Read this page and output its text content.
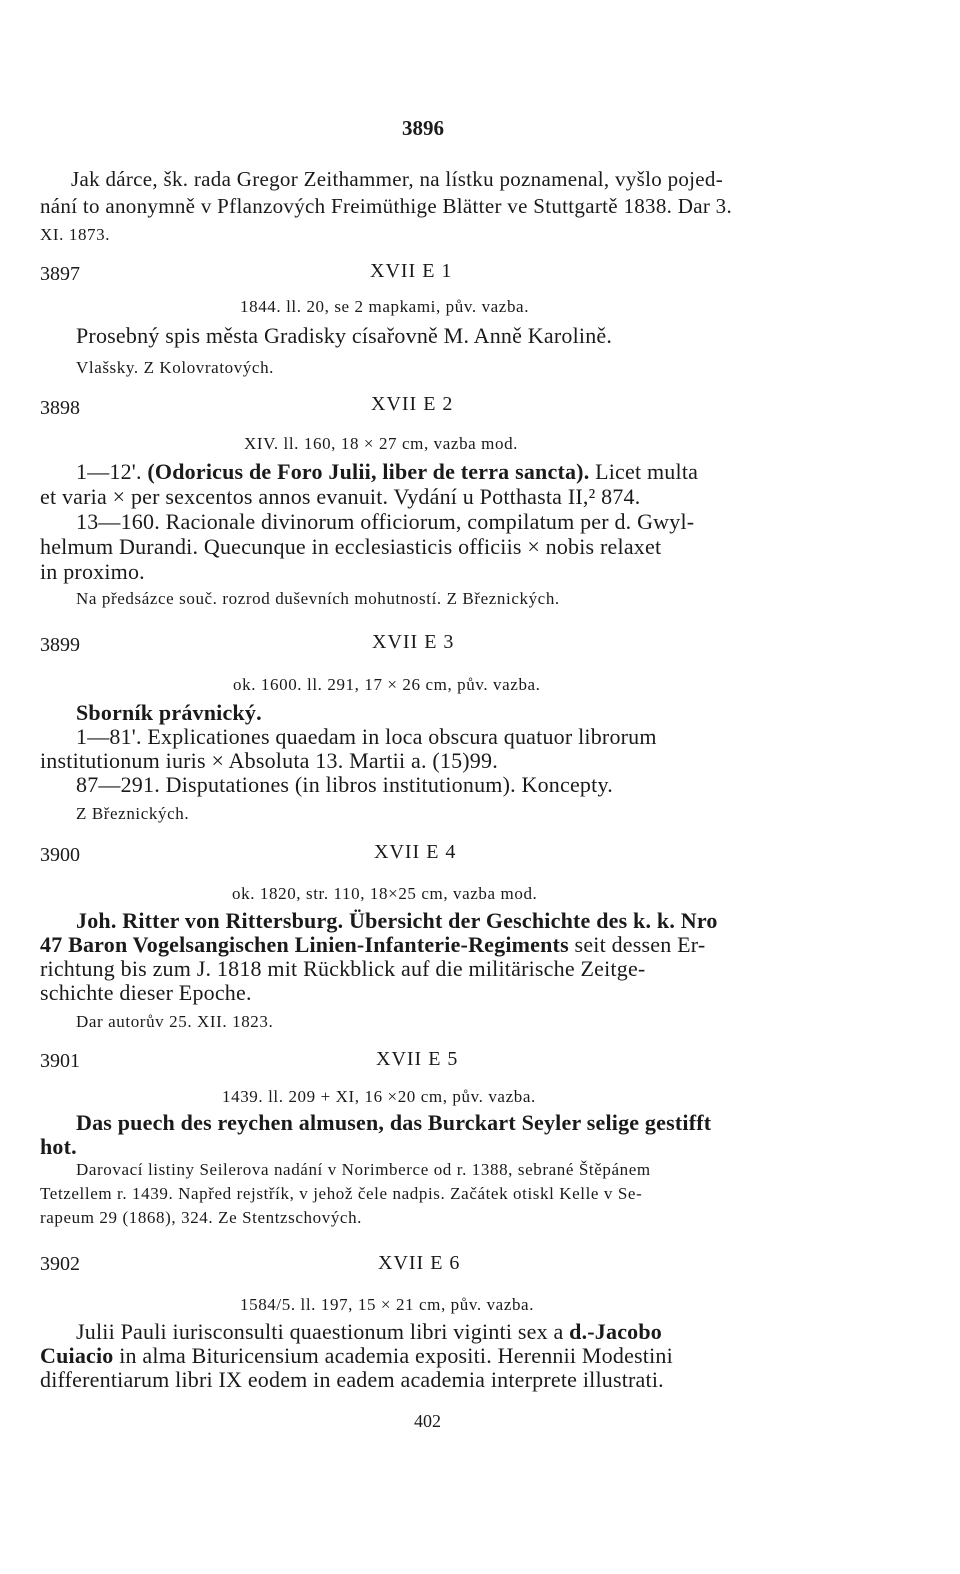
3896
Jak dárce, šk. rada Gregor Zeithammer, na lístku poznamenal, vyšlo pojed-
nání to anonymně v Pflanzových Freimüthige Blätter ve Stuttgartě 1838. Dar 3.
XI. 1873.
3897	XVII E 1
1844. ll. 20, se 2 mapkami, pův. vazba.
Prosebný spis města Gradisky císařovně M. Anně Karolině.
Vlašsky. Z Kolovratových.
3898	XVII E 2
XIV. ll. 160, 18 × 27 cm, vazba mod.
1—12'. (Odoricus de Foro Julii, liber de terra sancta). Licet multa
et varia × per sexcentos annos evanuit. Vydání u Potthasta II,² 874.
13—160. Racionale divinorum officiorum, compilatum per d. Gwyl-
helmum Durandi. Quecunque in ecclesiasticis officiis × nobis relaxet
in proximo.
Na předsázce souč. rozrod duševních mohutností. Z Březnických.
3899	XVII E 3
ok. 1600. ll. 291, 17 × 26 cm, pův. vazba.
Sborník právnický.
1—81'. Explicationes quaedam in loca obscura quatuor librorum
institutionum iuris × Absoluta 13. Martii a. (15)99.
87—291. Disputationes (in libros institutionum). Koncepty.
Z Březnických.
3900	XVII E 4
ok. 1820, str. 110, 18×25 cm, vazba mod.
Joh. Ritter von Rittersburg. Übersicht der Geschichte des k. k. Nro
47 Baron Vogelsangischen Linien-Infanterie-Regiments seit dessen Er-
richtung bis zum J. 1818 mit Rückblick auf die militärische Zeitge-
schichte dieser Epoche.
Dar autorův 25. XII. 1823.
3901	XVII E 5
1439. ll. 209 + XI, 16 ×20 cm, pův. vazba.
Das puech des reychen almusen, das Burckart Seyler selige gestifft
hot.
Darovací listiny Seilerova nadání v Norimberce od r. 1388, sebrané Štěpánem
Tetzellem r. 1439. Napřed rejstřík, v jehož čele nadpis. Začátek otiskl Kelle v Se-
rapeum 29 (1868), 324. Ze Stentzschových.
3902	XVII E 6
1584/5. ll. 197, 15 × 21 cm, pův. vazba.
Julii Pauli iurisconsulti quaestionum libri viginti sex a d.-Jacobo
Cuiacio in alma Bituricensium academia expositi. Herennii Modestini
differentiarum libri IX eodem in eadem academia interprete illustrati.
402
